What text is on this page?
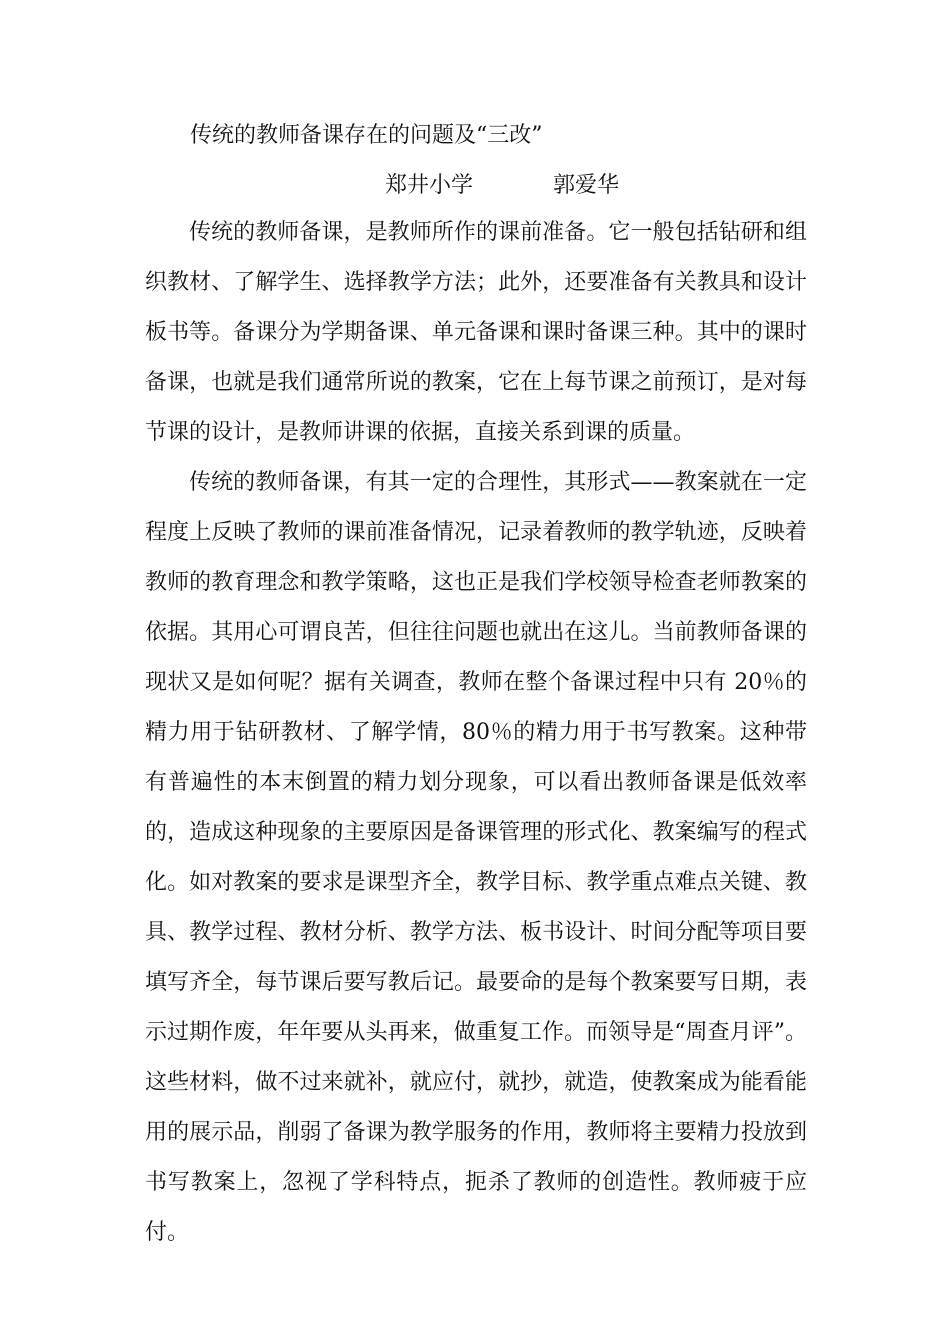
传统的教师备课存在的问题及“三改”
郑井小学	郭爱华

传统的教师备课，是教师所作的课前准备。它一般包括钻研和组织教材、了解学生、选择教学方法；此外，还要准备有关教具和设计板书等。备课分为学期备课、单元备课和课时备课三种。其中的课时备课，也就是我们通常所说的教案，它在上每节课之前预订，是对每节课的设计，是教师讲课的依据，直接关系到课的质量。

传统的教师备课，有其一定的合理性，其形式——教案就在一定程度上反映了教师的课前准备情况，记录着教师的教学轨迹，反映着教师的教育理念和教学策略，这也正是我们学校领导检查老师教案的依据。其用心可谓良苦，但往往问题也就出在这儿。当前教师备课的现状又是如何呢？据有关调查，教师在整个备课过程中只有 20％的精力用于钻研教材、了解学情，80％的精力用于书写教案。这种带有普遍性的本末倒置的精力划分现象，可以看出教师备课是低效率的，造成这种现象的主要原因是备课管理的形式化、教案编写的程式化。如对教案的要求是课型齐全，教学目标、教学重点难点关键、教具、教学过程、教材分析、教学方法、板书设计、时间分配等项目要填写齐全，每节课后要写教后记。最要命的是每个教案要写日期，表示过期作废，年年要从头再来，做重复工作。而领导是“周查月评”。这些材料，做不过来就补，就应付，就抄，就造，使教案成为能看能用的展示品，削弱了备课为教学服务的作用，教师将主要精力投放到书写教案上，忽视了学科特点，扼杀了教师的创造性。教师疲于应付。
